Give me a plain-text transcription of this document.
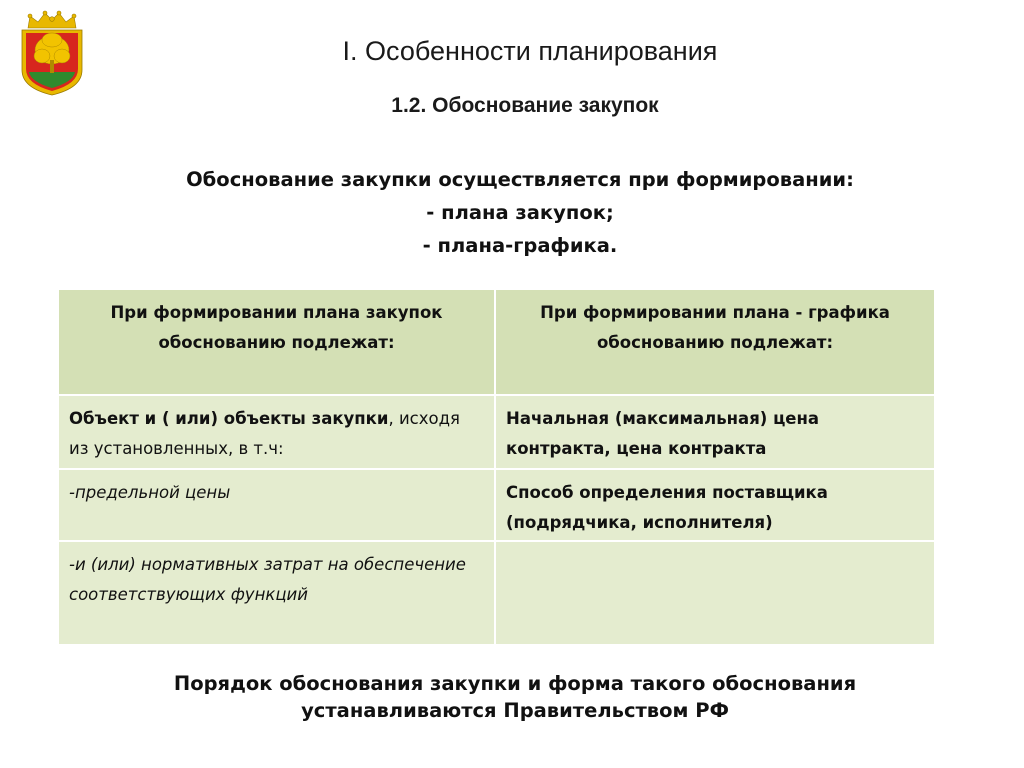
I. Особенности планирования
1.2. Обоснование закупок
Обоснование закупки осуществляется при формировании:
- плана закупок;
- плана-графика.
При формировании плана закупок обоснованию подлежат:	При формировании плана - графика обоснованию подлежат:

Объект и ( или) объекты закупки, исходя из установленных, в т.ч:	Начальная (максимальная) цена контракта, цена контракта

-предельной цены	Способ определения поставщика (подрядчика, исполнителя)

-и (или) нормативных затрат на обеспечение соответствующих функций	

Порядок обоснования закупки и форма такого обоснования
устанавливаются Правительством РФ
